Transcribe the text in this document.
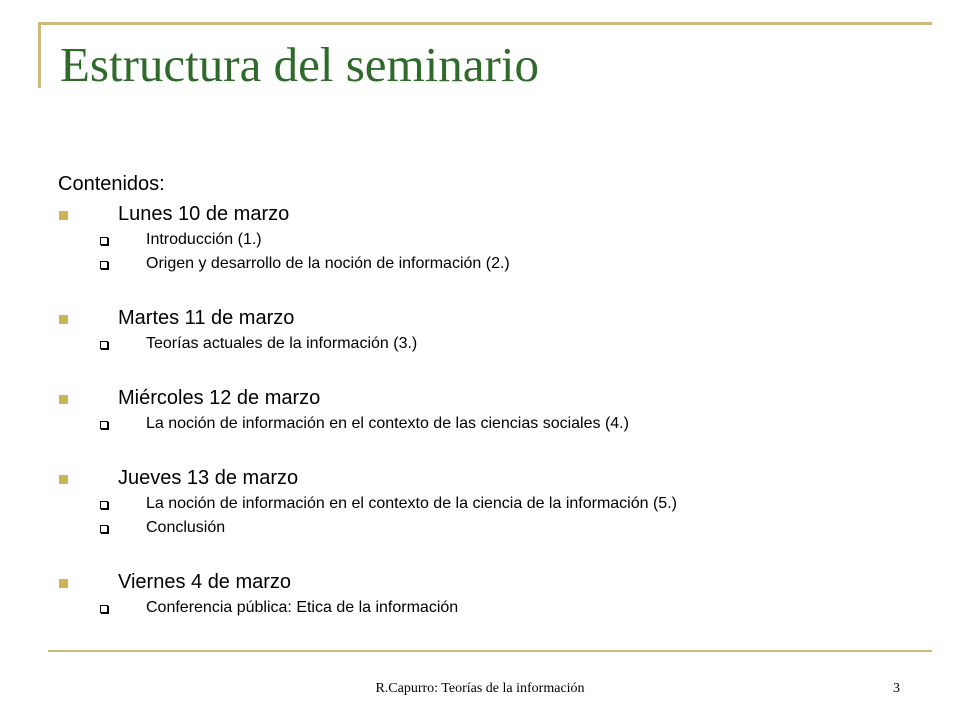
Estructura del seminario
Contenidos:
Lunes 10 de marzo
Introducción (1.)
Origen y desarrollo de la noción de información (2.)
Martes 11 de marzo
Teorías actuales de la información (3.)
Miércoles 12 de marzo
La noción de información en el contexto de las ciencias sociales (4.)
Jueves 13 de marzo
La noción de información en el contexto de la ciencia de la información (5.)
Conclusión
Viernes 4 de marzo
Conferencia pública: Etica de la información
R.Capurro: Teorías de la información	3
